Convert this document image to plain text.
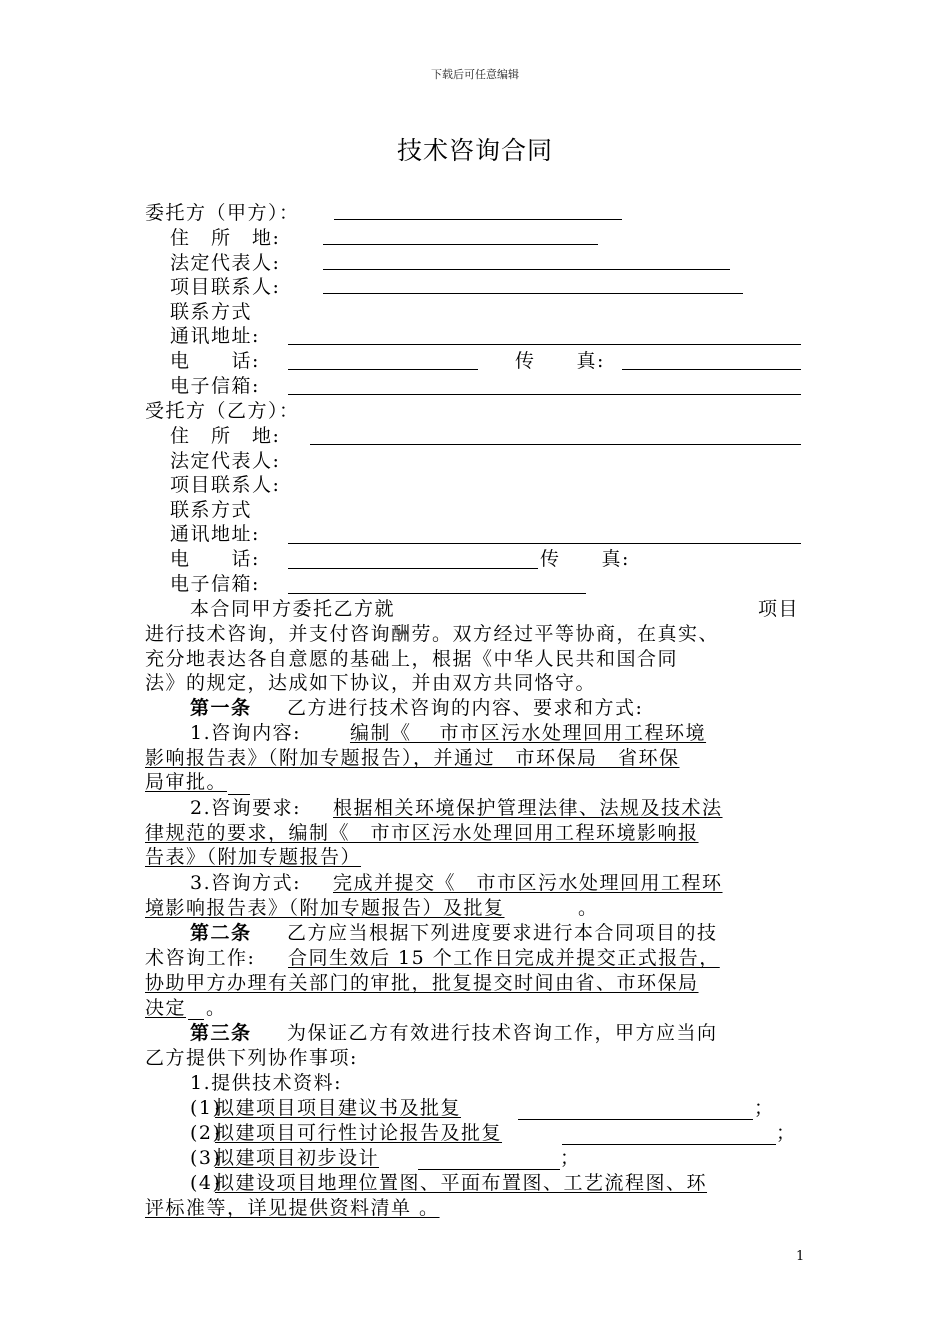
下载后可任意编辑
技术咨询合同
委托方（甲方）：
住　所　地:
法定代表人:
项目联系人:
联系方式
通讯地址:
电　　话:	传　　真:
电子信箱:
受托方（乙方）：
住　所　地:
法定代表人:
项目联系人:
联系方式
通讯地址:
电　　话:	传　　真:
电子信箱:
本合同甲方委托乙方就	项目
进行技术咨询，并支付咨询酬劳。双方经过平等协商，在真实、
充分地表达各自意愿的基础上，根据《中华人民共和国合同
法》的规定，达成如下协议，并由双方共同恪守。
第一条 乙方进行技术咨询的内容、要求和方式:
1.咨询内容:	编制《　 市市区污水处理回用工程环境
影响报告表》（附加专题报告），并通过　市环保局　省环保
局审批。
2.咨询要求: 根据相关环境保护管理法律、法规及技术法
律规范的要求，编制《　市市区污水处理回用工程环境影响报
告表》（附加专题报告）
3.咨询方式: 完成并提交《　市市区污水处理回用工程环
境影响报告表》（附加专题报告）及批复	。
第二条 乙方应当根据下列进度要求进行本合同项目的技
术咨询工作: 合同生效后 15 个工作日完成并提交正式报告，
协助甲方办理有关部门的审批，批复提交时间由省、市环保局
决定 。
第三条 为保证乙方有效进行技术咨询工作，甲方应当向
乙方提供下列协作事项:
1.提供技术资料:
(1)
拟建项目项目建议书及批复	；
(2)
拟建项目可行性讨论报告及批复	；
(3)
拟建项目初步设计	；
(4)
拟建设项目地理位置图、平面布置图、工艺流程图、环
评标准等，详见提供资料清单 。
1
